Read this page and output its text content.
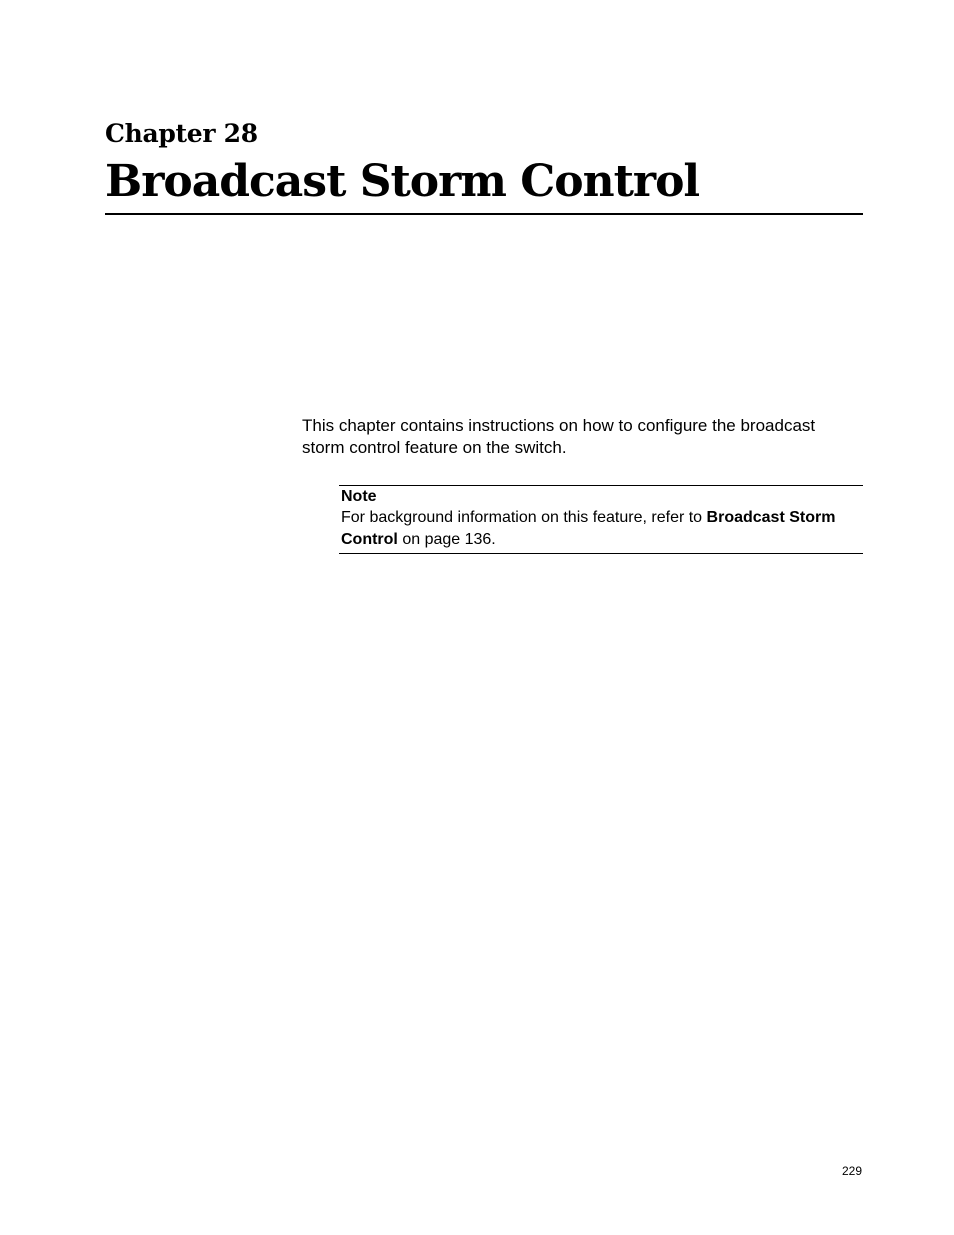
Chapter 28
Broadcast Storm Control

This chapter contains instructions on how to configure the broadcast storm control feature on the switch.

Note

For background information on this feature, refer to Broadcast Storm Control on page 136.

229
